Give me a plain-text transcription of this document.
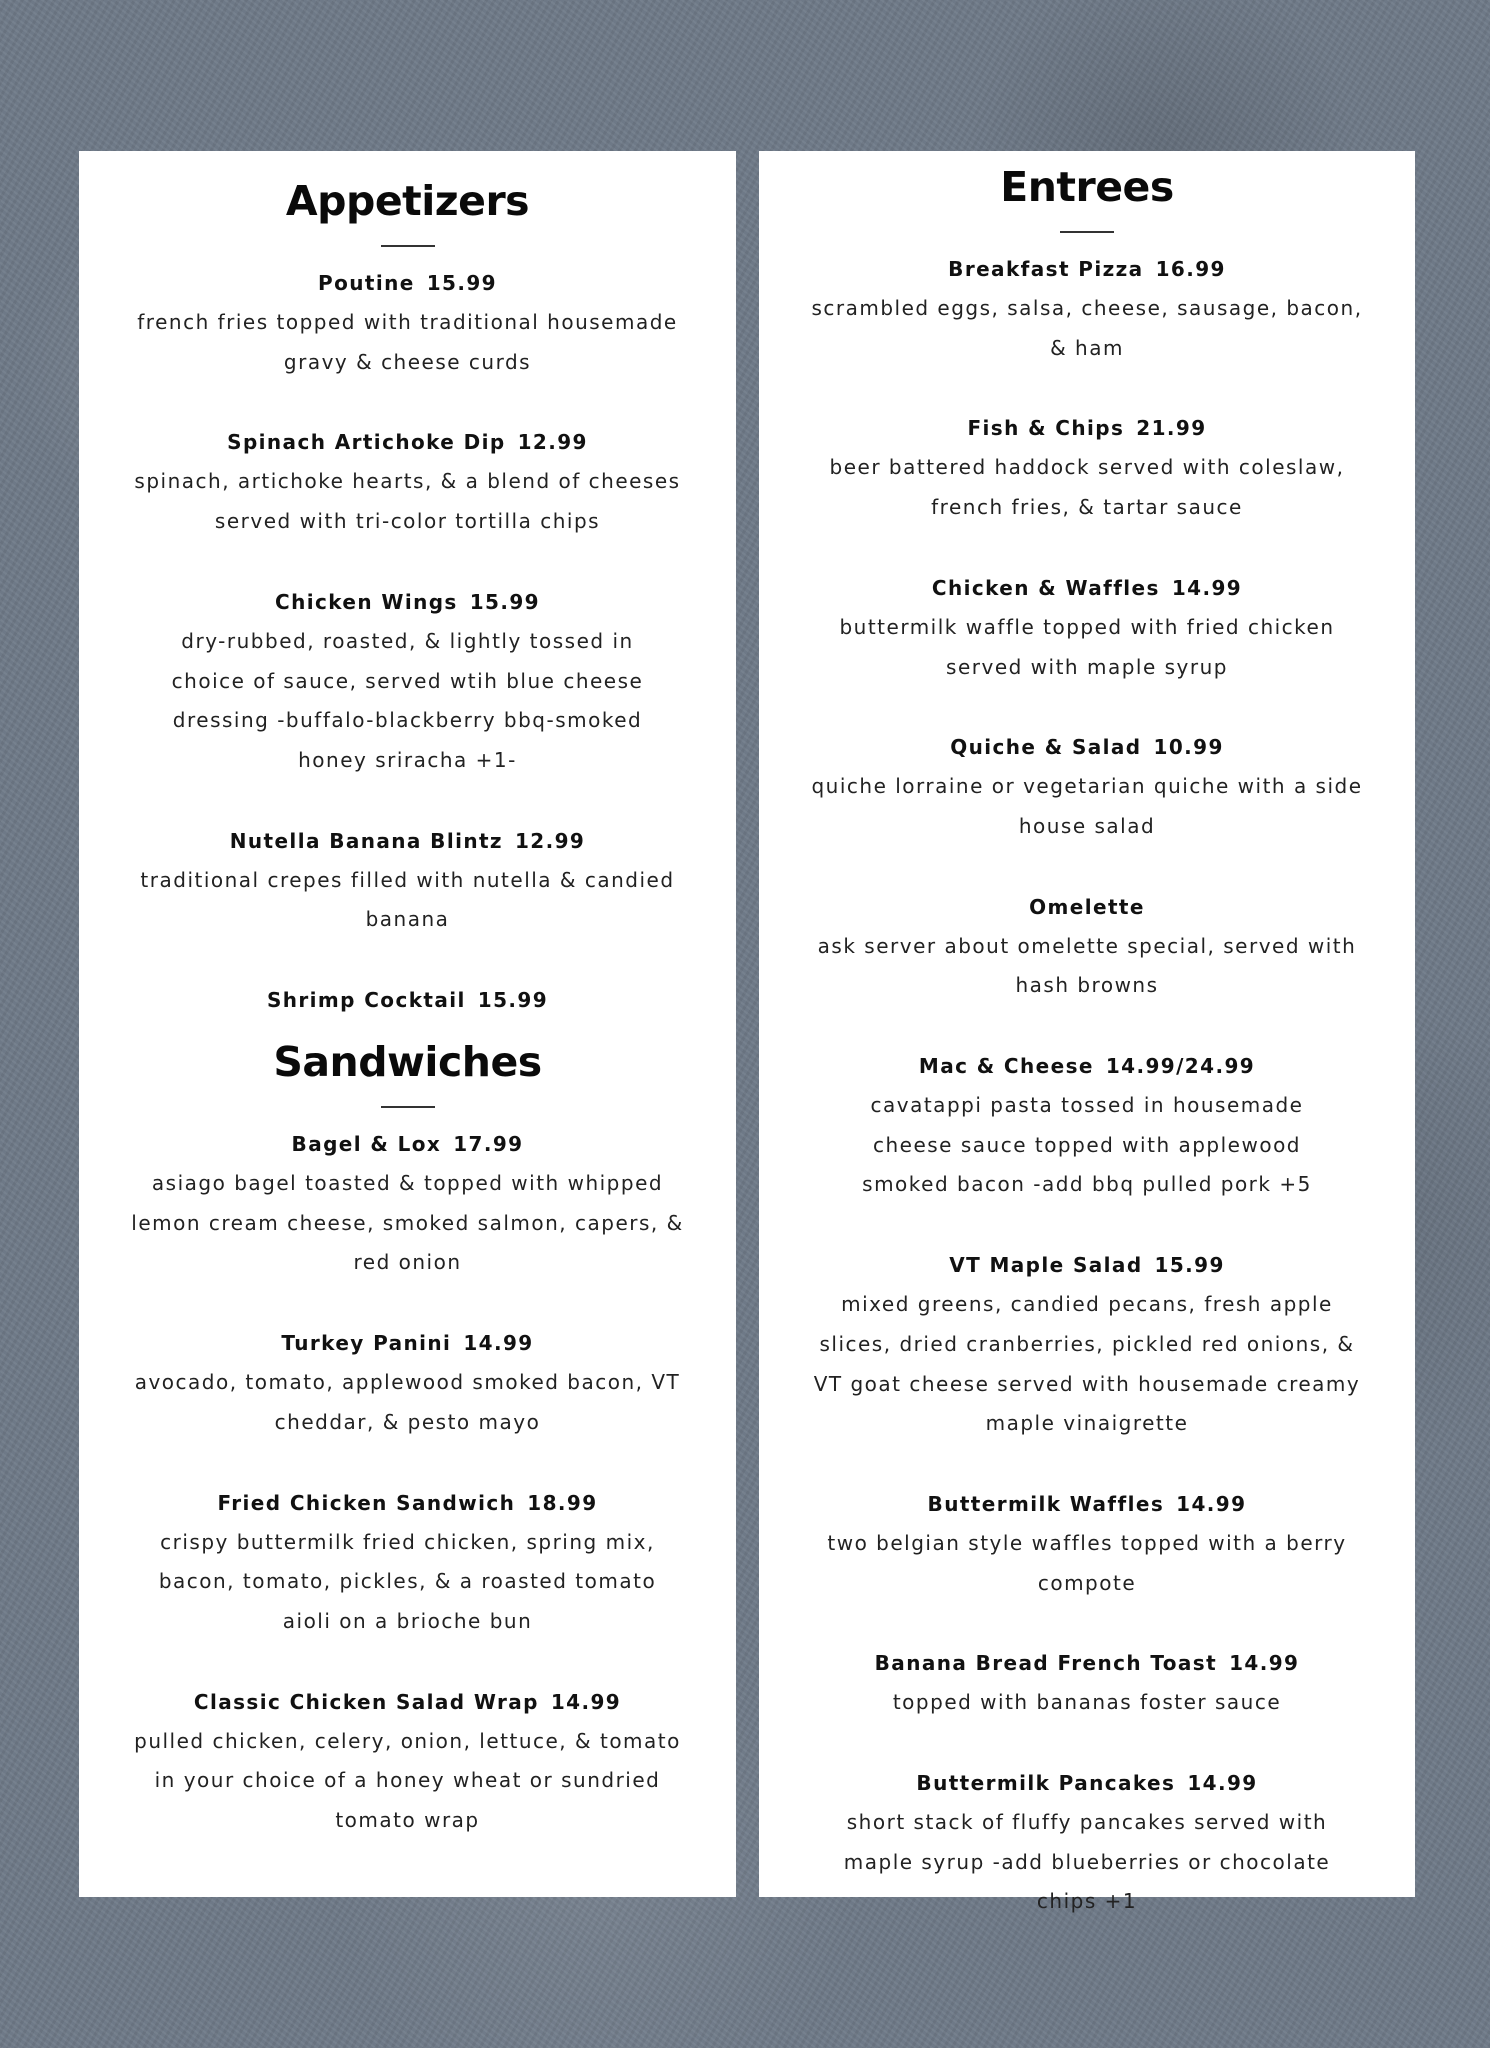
Appetizers
Poutine 15.99
french fries topped with traditional housemade gravy & cheese curds
Spinach Artichoke Dip 12.99
spinach, artichoke hearts, & a blend of cheeses served with tri-color tortilla chips
Chicken Wings 15.99
dry-rubbed, roasted, & lightly tossed in choice of sauce, served wtih blue cheese dressing -buffalo-blackberry bbq-smoked honey sriracha +1-
Nutella Banana Blintz 12.99
traditional crepes filled with nutella & candied banana
Shrimp Cocktail 15.99
Sandwiches
Bagel & Lox 17.99
asiago bagel toasted & topped with whipped lemon cream cheese, smoked salmon, capers, & red onion
Turkey Panini 14.99
avocado, tomato, applewood smoked bacon, VT cheddar, & pesto mayo
Fried Chicken Sandwich 18.99
crispy buttermilk fried chicken, spring mix, bacon, tomato, pickles, & a roasted tomato aioli on a brioche bun
Classic Chicken Salad Wrap 14.99
pulled chicken, celery, onion, lettuce, & tomato in your choice of a honey wheat or sundried tomato wrap
Entrees
Breakfast Pizza 16.99
scrambled eggs, salsa, cheese, sausage, bacon, & ham
Fish & Chips 21.99
beer battered haddock served with coleslaw, french fries, & tartar sauce
Chicken & Waffles 14.99
buttermilk waffle topped with fried chicken served with maple syrup
Quiche & Salad 10.99
quiche lorraine or vegetarian quiche with a side house salad
Omelette
ask server about omelette special, served with hash browns
Mac & Cheese 14.99/24.99
cavatappi pasta tossed in housemade cheese sauce topped with applewood smoked bacon -add bbq pulled pork +5
VT Maple Salad 15.99
mixed greens, candied pecans, fresh apple slices, dried cranberries, pickled red onions, & VT goat cheese served with housemade creamy maple vinaigrette
Buttermilk Waffles 14.99
two belgian style waffles topped with a berry compote
Banana Bread French Toast 14.99
topped with bananas foster sauce
Buttermilk Pancakes 14.99
short stack of fluffy pancakes served with maple syrup -add blueberries or chocolate chips +1
